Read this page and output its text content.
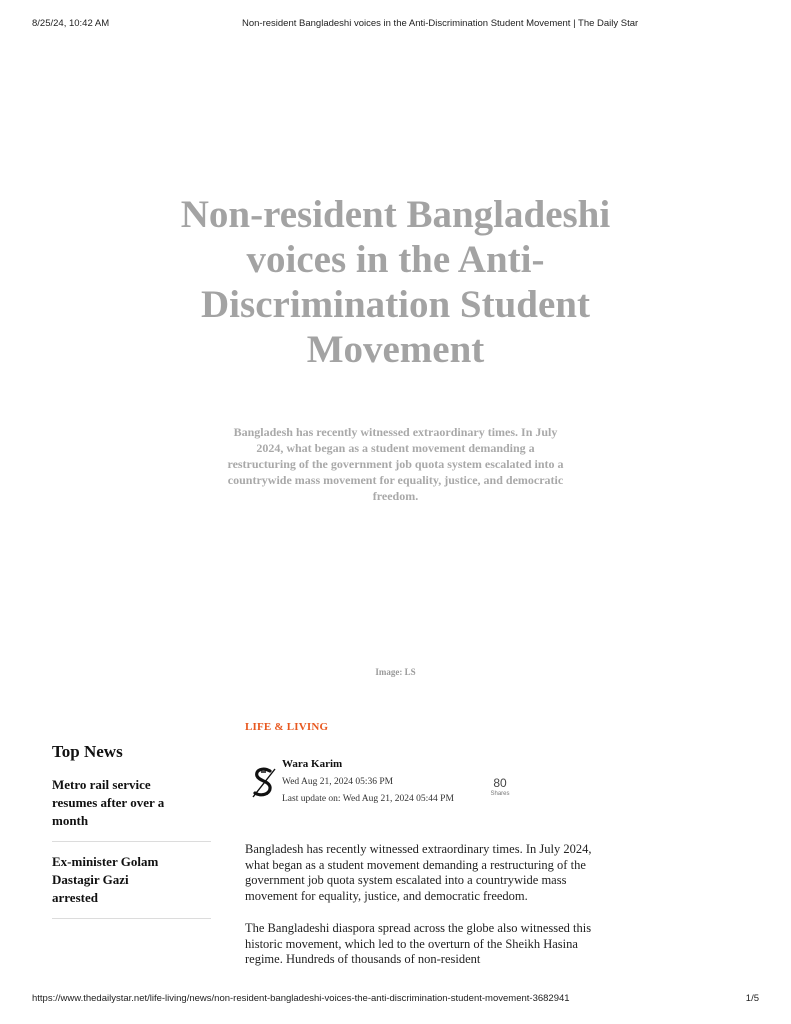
8/25/24, 10:42 AM	Non-resident Bangladeshi voices in the Anti-Discrimination Student Movement | The Daily Star
Non-resident Bangladeshi voices in the Anti-Discrimination Student Movement

Bangladesh has recently witnessed extraordinary times. In July 2024, what began as a student movement demanding a restructuring of the government job quota system escalated into a countrywide mass movement for equality, justice, and democratic freedom.

Image: LS
LIFE & LIVING
Top News
Metro rail service resumes after over a month
Ex-minister Golam Dastagir Gazi arrested
Wara Karim
Wed Aug 21, 2024 05:36 PM
Last update on: Wed Aug 21, 2024 05:44 PM
80
Shares

Bangladesh has recently witnessed extraordinary times. In July 2024, what began as a student movement demanding a restructuring of the government job quota system escalated into a countrywide mass movement for equality, justice, and democratic freedom.

The Bangladeshi diaspora spread across the globe also witnessed this historic movement, which led to the overturn of the Sheikh Hasina regime. Hundreds of thousands of non-resident

https://www.thedailystar.net/life-living/news/non-resident-bangladeshi-voices-the-anti-discrimination-student-movement-3682941	1/5
